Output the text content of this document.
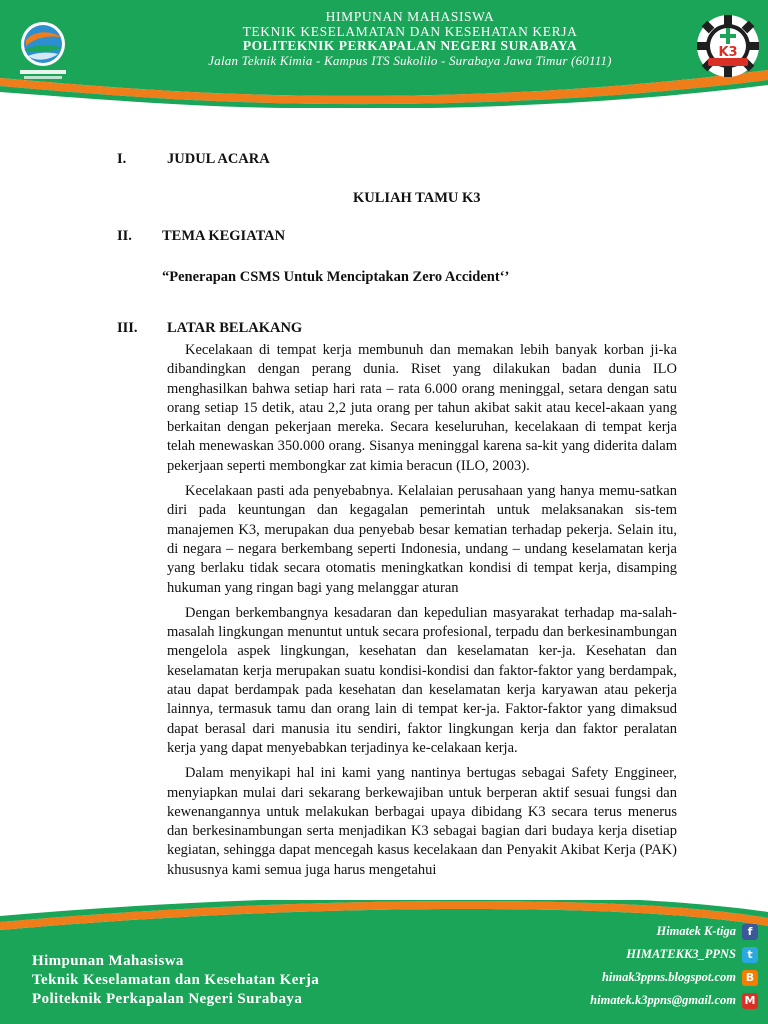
HIMPUNAN MAHASISWA
TEKNIK KESELAMATAN DAN KESEHATAN KERJA
POLITEKNIK PERKAPALAN NEGERI SURABAYA
Jalan Teknik Kimia - Kampus ITS Sukolilo - Surabaya Jawa Timur (60111)
K3
I.	JUDUL ACARA
KULIAH TAMU K3
II. TEMA KEGIATAN
“Penerapan CSMS Untuk Menciptakan Zero Accident‘’
III. LATAR BELAKANG

Kecelakaan di tempat kerja membunuh dan memakan lebih banyak korban ji-ka dibandingkan dengan perang dunia. Riset yang dilakukan badan dunia ILO menghasilkan bahwa setiap hari rata – rata 6.000 orang meninggal, setara dengan satu orang setiap 15 detik, atau 2,2 juta orang per tahun akibat sakit atau kecel-akaan yang berkaitan dengan pekerjaan mereka. Secara keseluruhan, kecelakaan di tempat kerja telah menewaskan 350.000 orang. Sisanya meninggal karena sa-kit yang diderita dalam pekerjaan seperti membongkar zat kimia beracun (ILO, 2003).

Kecelakaan pasti ada penyebabnya. Kelalaian perusahaan yang hanya memu-satkan diri pada keuntungan dan kegagalan pemerintah untuk melaksanakan sis-tem manajemen K3, merupakan dua penyebab besar kematian terhadap pekerja. Selain itu, di negara – negara berkembang seperti Indonesia, undang – undang keselamatan kerja yang berlaku tidak secara otomatis meningkatkan kondisi di tempat kerja, disamping hukuman yang ringan bagi yang melanggar aturan

Dengan berkembangnya kesadaran dan kepedulian masyarakat terhadap ma-salah-masalah lingkungan menuntut untuk secara profesional, terpadu dan berkesinambungan mengelola aspek lingkungan, kesehatan dan keselamatan ker-ja. Kesehatan dan keselamatan kerja merupakan suatu kondisi-kondisi dan faktor-faktor yang berdampak, atau dapat berdampak pada kesehatan dan keselamatan kerja karyawan atau pekerja lainnya, termasuk tamu dan orang lain di tempat ker-ja. Faktor-faktor yang dimaksud dapat berasal dari manusia itu sendiri, faktor lingkungan kerja dan faktor peralatan kerja yang dapat menyebabkan terjadinya ke-celakaan kerja.

Dalam menyikapi hal ini kami yang nantinya bertugas sebagai Safety Enggineer, menyiapkan mulai dari sekarang berkewajiban untuk berperan aktif sesuai fungsi dan kewenangannya untuk melakukan berbagai upaya dibidang K3 secara terus menerus dan berkesinambungan serta menjadikan K3 sebagai bagian dari budaya kerja disetiap kegiatan, sehingga dapat mencegah kasus kecelakaan dan Penyakit Akibat Kerja (PAK) khususnya kami semua juga harus mengetahui

Himpunan Mahasiswa
Teknik Keselamatan dan Kesehatan Kerja
Politeknik Perkapalan Negeri Surabaya
Himatek K-tiga	f
HIMATEKK3_PPNS	t
himak3ppns.blogspot.com B
himatek.k3ppns@gmail.com M
